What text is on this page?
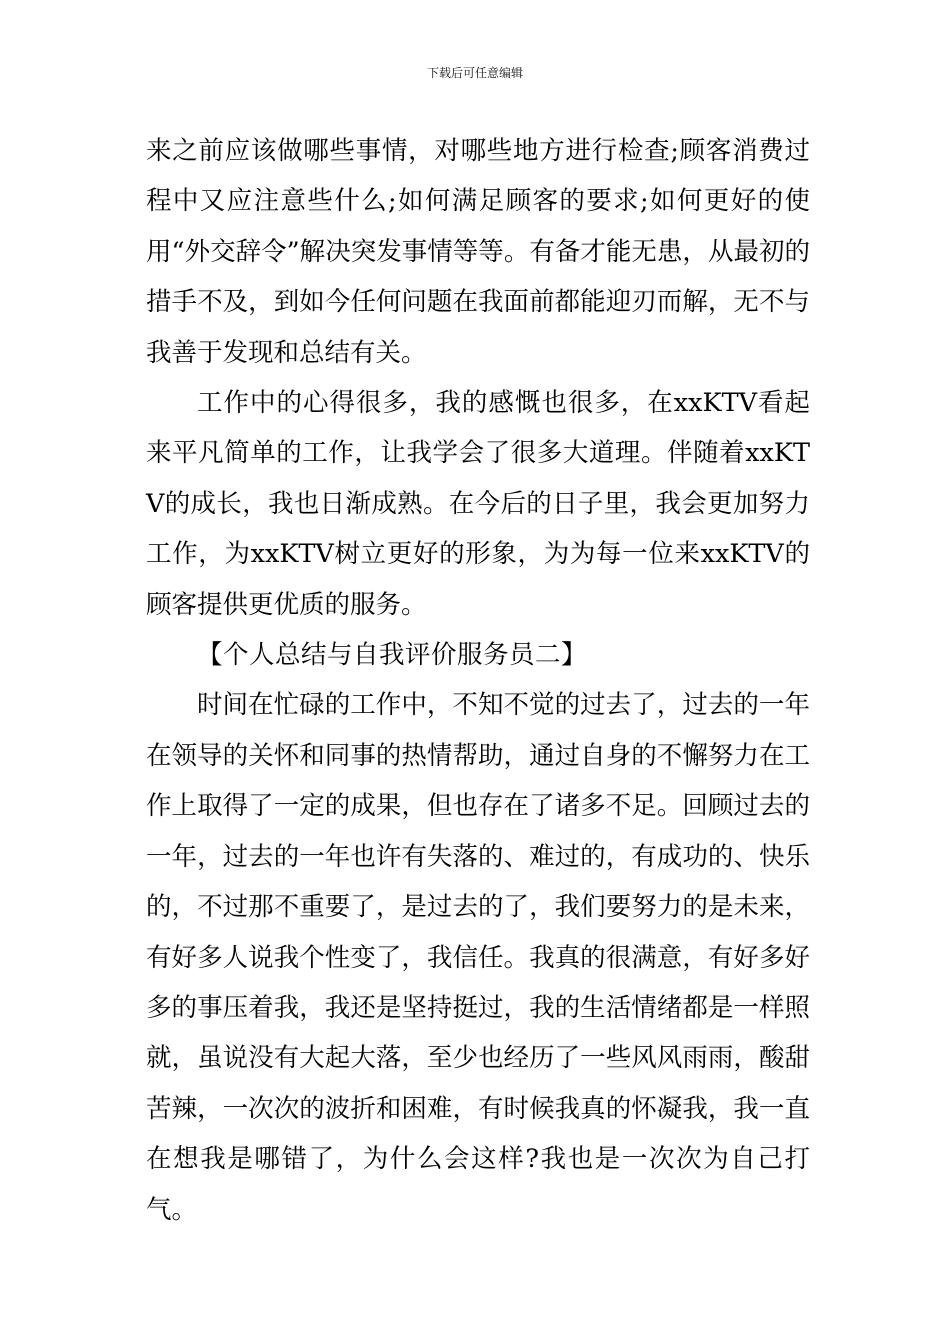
下载后可任意编辑

来之前应该做哪些事情，对哪些地方进行检查;顾客消费过程中又应注意些什么;如何满足顾客的要求;如何更好的使用“外交辞令”解决突发事情等等。有备才能无患，从最初的措手不及，到如今任何问题在我面前都能迎刃而解，无不与我善于发现和总结有关。

工作中的心得很多，我的感慨也很多，在xxKTV看起来平凡简单的工作，让我学会了很多大道理。伴随着xxKTV的成长，我也日渐成熟。在今后的日子里，我会更加努力工作，为xxKTV树立更好的形象，为为每一位来xxKTV的顾客提供更优质的服务。

【个人总结与自我评价服务员二】

时间在忙碌的工作中，不知不觉的过去了，过去的一年在领导的关怀和同事的热情帮助，通过自身的不懈努力在工作上取得了一定的成果，但也存在了诸多不足。回顾过去的一年，过去的一年也许有失落的、难过的，有成功的、快乐的，不过那不重要了，是过去的了，我们要努力的是未来，有好多人说我个性变了，我信任。我真的很满意，有好多好多的事压着我，我还是坚持挺过，我的生活情绪都是一样照就，虽说没有大起大落，至少也经历了一些风风雨雨，酸甜苦辣，一次次的波折和困难，有时候我真的怀凝我，我一直在想我是哪错了，为什么会这样?我也是一次次为自己打气。
